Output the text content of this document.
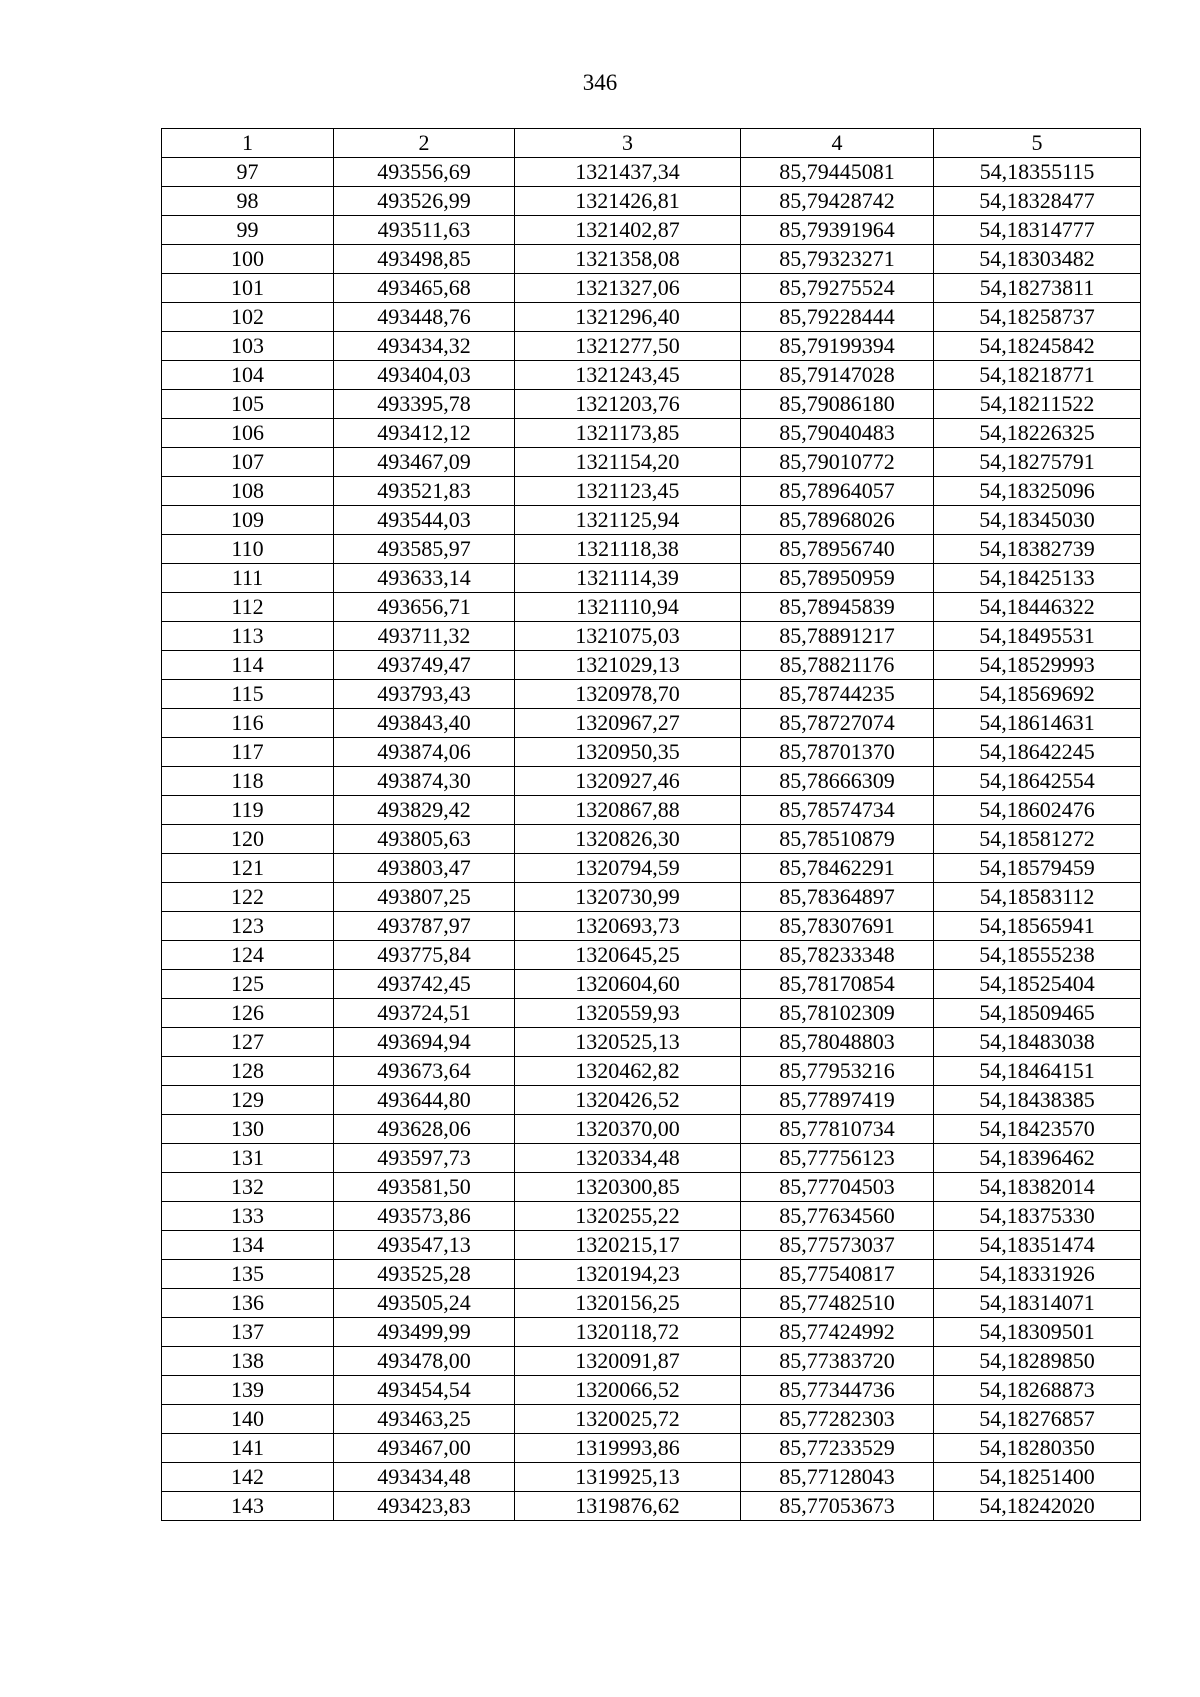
346
1	2	3	4	5
97	493556,69	1321437,34	85,79445081	54,18355115
98	493526,99	1321426,81	85,79428742	54,18328477
99	493511,63	1321402,87	85,79391964	54,18314777
100	493498,85	1321358,08	85,79323271	54,18303482
101	493465,68	1321327,06	85,79275524	54,18273811
102	493448,76	1321296,40	85,79228444	54,18258737
103	493434,32	1321277,50	85,79199394	54,18245842
104	493404,03	1321243,45	85,79147028	54,18218771
105	493395,78	1321203,76	85,79086180	54,18211522
106	493412,12	1321173,85	85,79040483	54,18226325
107	493467,09	1321154,20	85,79010772	54,18275791
108	493521,83	1321123,45	85,78964057	54,18325096
109	493544,03	1321125,94	85,78968026	54,18345030
110	493585,97	1321118,38	85,78956740	54,18382739
111	493633,14	1321114,39	85,78950959	54,18425133
112	493656,71	1321110,94	85,78945839	54,18446322
113	493711,32	1321075,03	85,78891217	54,18495531
114	493749,47	1321029,13	85,78821176	54,18529993
115	493793,43	1320978,70	85,78744235	54,18569692
116	493843,40	1320967,27	85,78727074	54,18614631
117	493874,06	1320950,35	85,78701370	54,18642245
118	493874,30	1320927,46	85,78666309	54,18642554
119	493829,42	1320867,88	85,78574734	54,18602476
120	493805,63	1320826,30	85,78510879	54,18581272
121	493803,47	1320794,59	85,78462291	54,18579459
122	493807,25	1320730,99	85,78364897	54,18583112
123	493787,97	1320693,73	85,78307691	54,18565941
124	493775,84	1320645,25	85,78233348	54,18555238
125	493742,45	1320604,60	85,78170854	54,18525404
126	493724,51	1320559,93	85,78102309	54,18509465
127	493694,94	1320525,13	85,78048803	54,18483038
128	493673,64	1320462,82	85,77953216	54,18464151
129	493644,80	1320426,52	85,77897419	54,18438385
130	493628,06	1320370,00	85,77810734	54,18423570
131	493597,73	1320334,48	85,77756123	54,18396462
132	493581,50	1320300,85	85,77704503	54,18382014
133	493573,86	1320255,22	85,77634560	54,18375330
134	493547,13	1320215,17	85,77573037	54,18351474
135	493525,28	1320194,23	85,77540817	54,18331926
136	493505,24	1320156,25	85,77482510	54,18314071
137	493499,99	1320118,72	85,77424992	54,18309501
138	493478,00	1320091,87	85,77383720	54,18289850
139	493454,54	1320066,52	85,77344736	54,18268873
140	493463,25	1320025,72	85,77282303	54,18276857
141	493467,00	1319993,86	85,77233529	54,18280350
142	493434,48	1319925,13	85,77128043	54,18251400
143	493423,83	1319876,62	85,77053673	54,18242020
